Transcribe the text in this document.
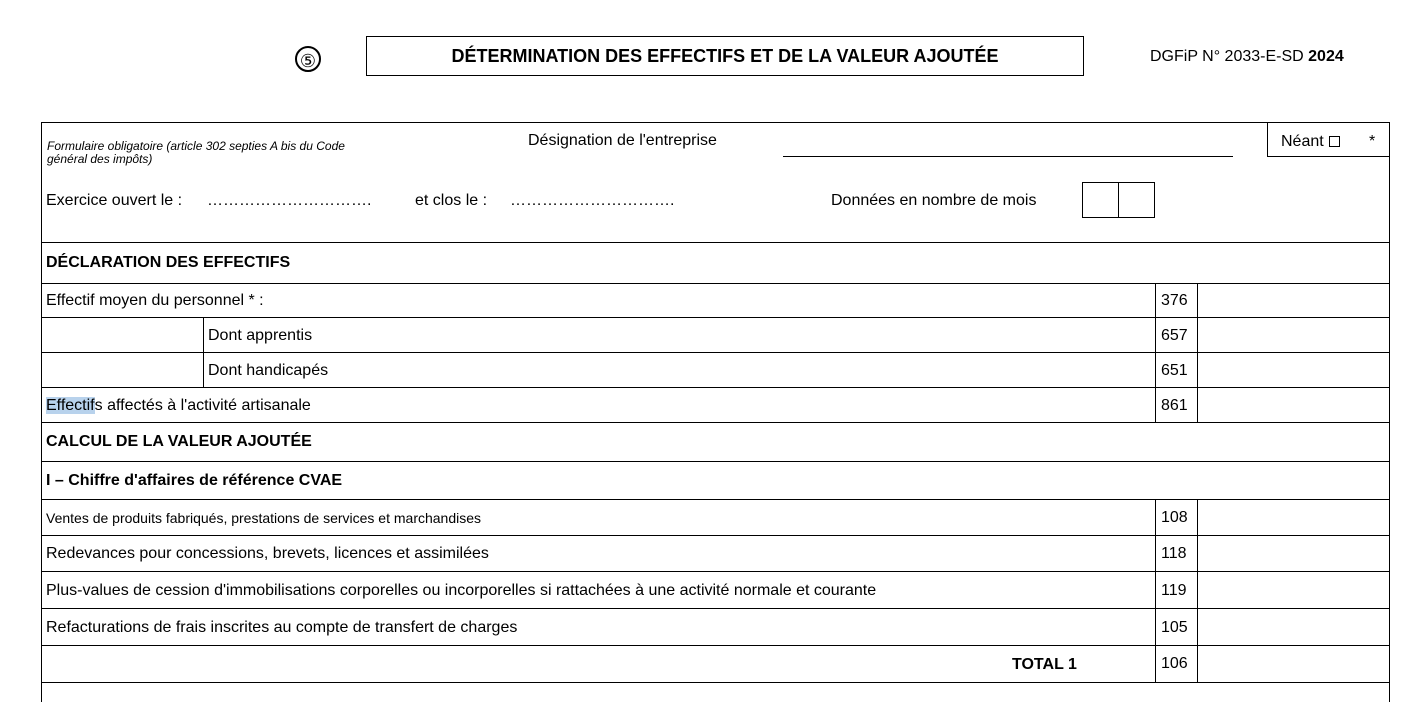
⑤	DÉTERMINATION DES EFFECTIFS ET DE LA VALEUR AJOUTÉE	DGFiP N° 2033-E-SD 2024
Formulaire obligatoire (article 302 septies A bis du Code général des impôts)
Désignation de l'entreprise	Néant	*
Exercice ouvert le : ………………………….	et clos le : ………………………….	Données en nombre de mois
DÉCLARATION DES EFFECTIFS
Effectif moyen du personnel * :	376
Dont apprentis	657
Dont handicapés	651
Effectifs affectés à l'activité artisanale	861
CALCUL DE LA VALEUR AJOUTÉE
I – Chiffre d'affaires de référence CVAE
Ventes de produits fabriqués, prestations de services et marchandises	108
Redevances pour concessions, brevets, licences et assimilées	118
Plus-values de cession d'immobilisations corporelles ou incorporelles si rattachées à une activité normale et courante	119
Refacturations de frais inscrites au compte de transfert de charges	105
TOTAL 1	106
